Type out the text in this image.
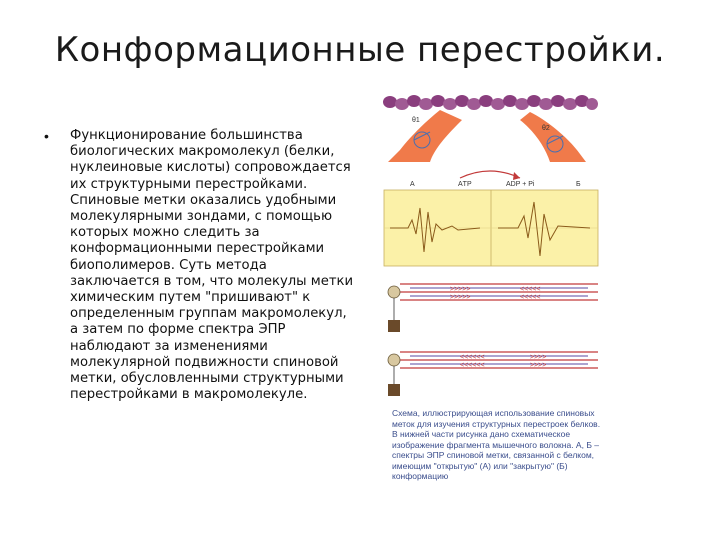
Конформационные перестройки.
• Функционирование большинства биологических макромолекул (белки, нуклеиновые кислоты) сопровождается их структурными перестройками. Спиновые метки оказались удобными молекулярными зондами, с помощью которых можно следить за конформационными перестройками биополимеров. Суть метода заключается в том, что молекулы метки химическим путем "пришивают" к определенным группам макромолекул, а затем по форме спектра ЭПР наблюдают за изменениями молекулярной подвижности спиновой метки, обусловленными структурными перестройками в макромолекуле.
θ1
θ2
A	ΑТР	ADP + Pi	Б
>>>>>	<<<<<
>>>>>	<<<<<
<<<<<<
<<<<<<
>>>>
>>>>
Схема, иллюстрирующая использование спиновых меток для изучения структурных перестроек белков. В нижней части рисунка дано схематическое изображение фрагмента мышечного волокна. А, Б – спектры ЭПР спиновой метки, связанной с белком, имеющим "открытую" (А) или "закрытую" (Б) конформацию
